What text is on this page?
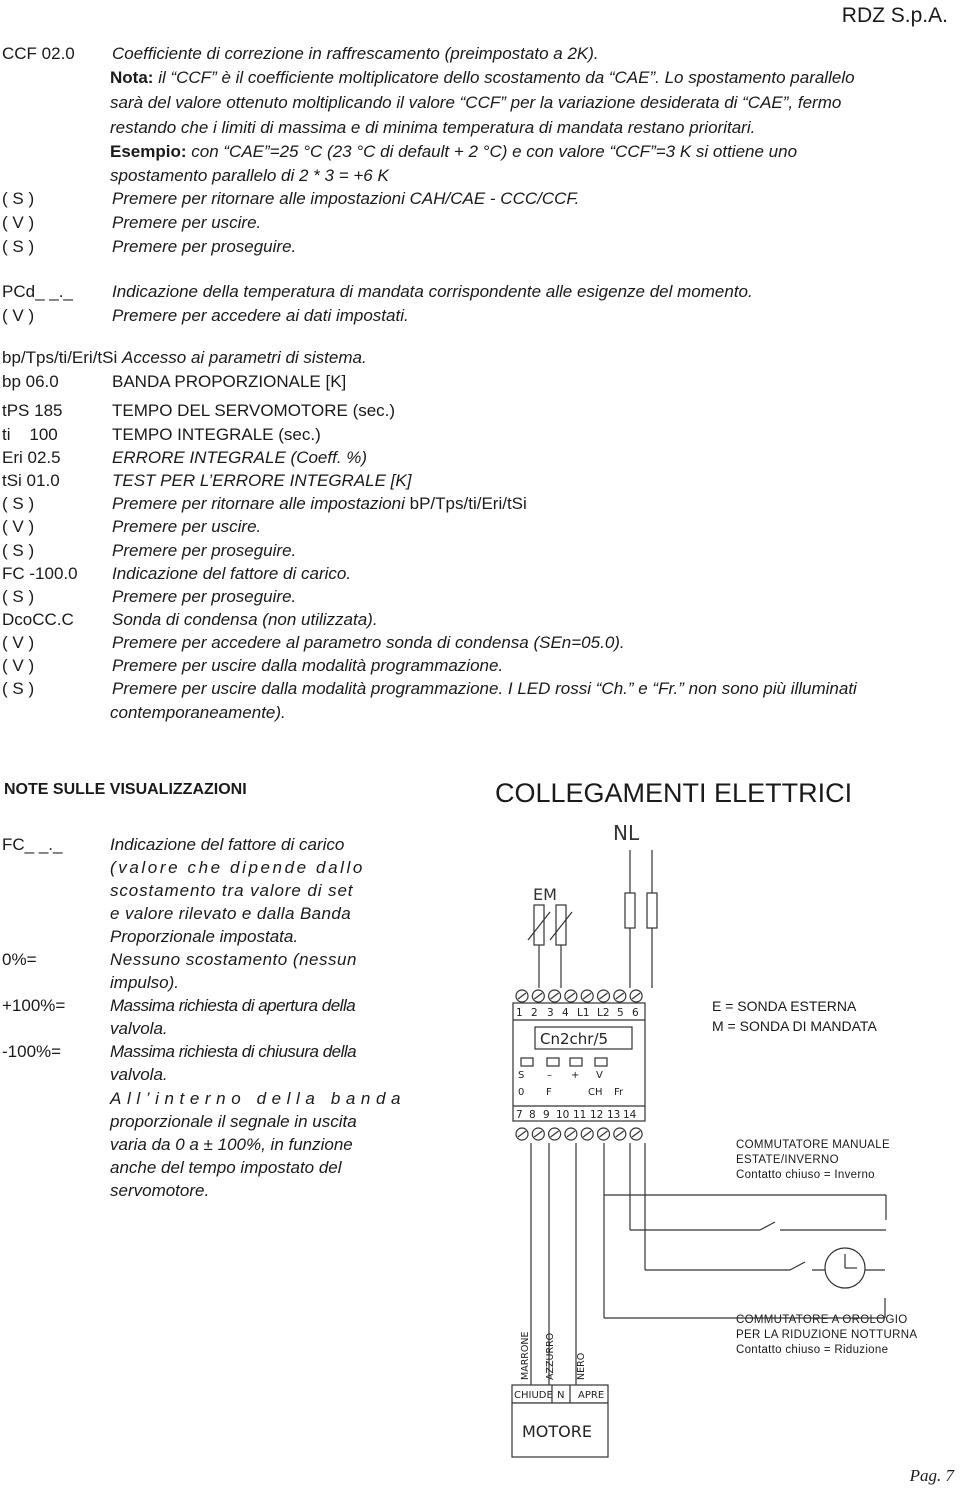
RDZ S.p.A.
CCF 02.0 Coefficiente di correzione in raffrescamento (preimpostato a 2K).
Nota: il “CCF” è il coefficiente moltiplicatore dello scostamento da “CAE”. Lo spostamento parallelo
sarà del valore ottenuto moltiplicando il valore “CCF” per la variazione desiderata di “CAE”, fermo
restando che i limiti di massima e di minima temperatura di mandata restano prioritari.
Esempio: con “CAE”=25 °C (23 °C di default + 2 °C) e con valore “CCF”=3 K si ottiene uno
spostamento parallelo di 2 * 3 = +6 K
( S )	Premere per ritornare alle impostazioni CAH/CAE - CCC/CCF.
( V )	Premere per uscire.
( S )	Premere per proseguire.
PCd_ _._ Indicazione della temperatura di mandata corrispondente alle esigenze del momento.
( V )	Premere per accedere ai dati impostati.
bp/Tps/ti/Eri/tSi Accesso ai parametri di sistema.
bp 06.0	BANDA PROPORZIONALE [K]
tPS 185	TEMPO DEL SERVOMOTORE (sec.)
ti    100	TEMPO INTEGRALE (sec.)
Eri 02.5	ERRORE INTEGRALE (Coeff. %)
tSi 01.0	TEST PER L’ERRORE INTEGRALE [K]
( S )	Premere per ritornare alle impostazioni bP/Tps/ti/Eri/tSi
( V )	Premere per uscire.
( S )	Premere per proseguire.
FC -100.0 Indicazione del fattore di carico.
( S )	Premere per proseguire.
DcoCC.C Sonda di condensa (non utilizzata).
( V )	Premere per accedere al parametro sonda di condensa (SEn=05.0).
( V )	Premere per uscire dalla modalità programmazione.
( S )	Premere per uscire dalla modalità programmazione. I LED rossi “Ch.” e “Fr.” non sono più illuminati
contemporaneamente).
NOTE SULLE VISUALIZZAZIONI
FC_ _._	Indicazione del fattore di carico
(valore che dipende dallo
scostamento tra valore di set
e valore rilevato e dalla Banda
Proporzionale impostata.
0%=	Nessuno scostamento (nessun
impulso).
+100%=	Massima richiesta di apertura della
valvola.
-100%=	Massima richiesta di chiusura della
valvola.
All’interno della banda
proporzionale il segnale in uscita
varia da 0 a ± 100%, in funzione
anche del tempo impostato del
servomotore.
COLLEGAMENTI ELETTRICI
E = SONDA ESTERNA
M = SONDA DI MANDATA
COMMUTATORE MANUALE
ESTATE/INVERNO
Contatto chiuso = Inverno
COMMUTATORE A OROLOGIO
PER LA RIDUZIONE NOTTURNA
Contatto chiuso = Riduzione
NL
EM
Cn2chr/5
1 2 3 4 L1 L2 5 6
7 8 9 10 11 12 13 14
S – + V
0 F	CH Fr
MARRONE AZZURRO NERO
CHIUDE N APRE
MOTORE
Pag. 7
